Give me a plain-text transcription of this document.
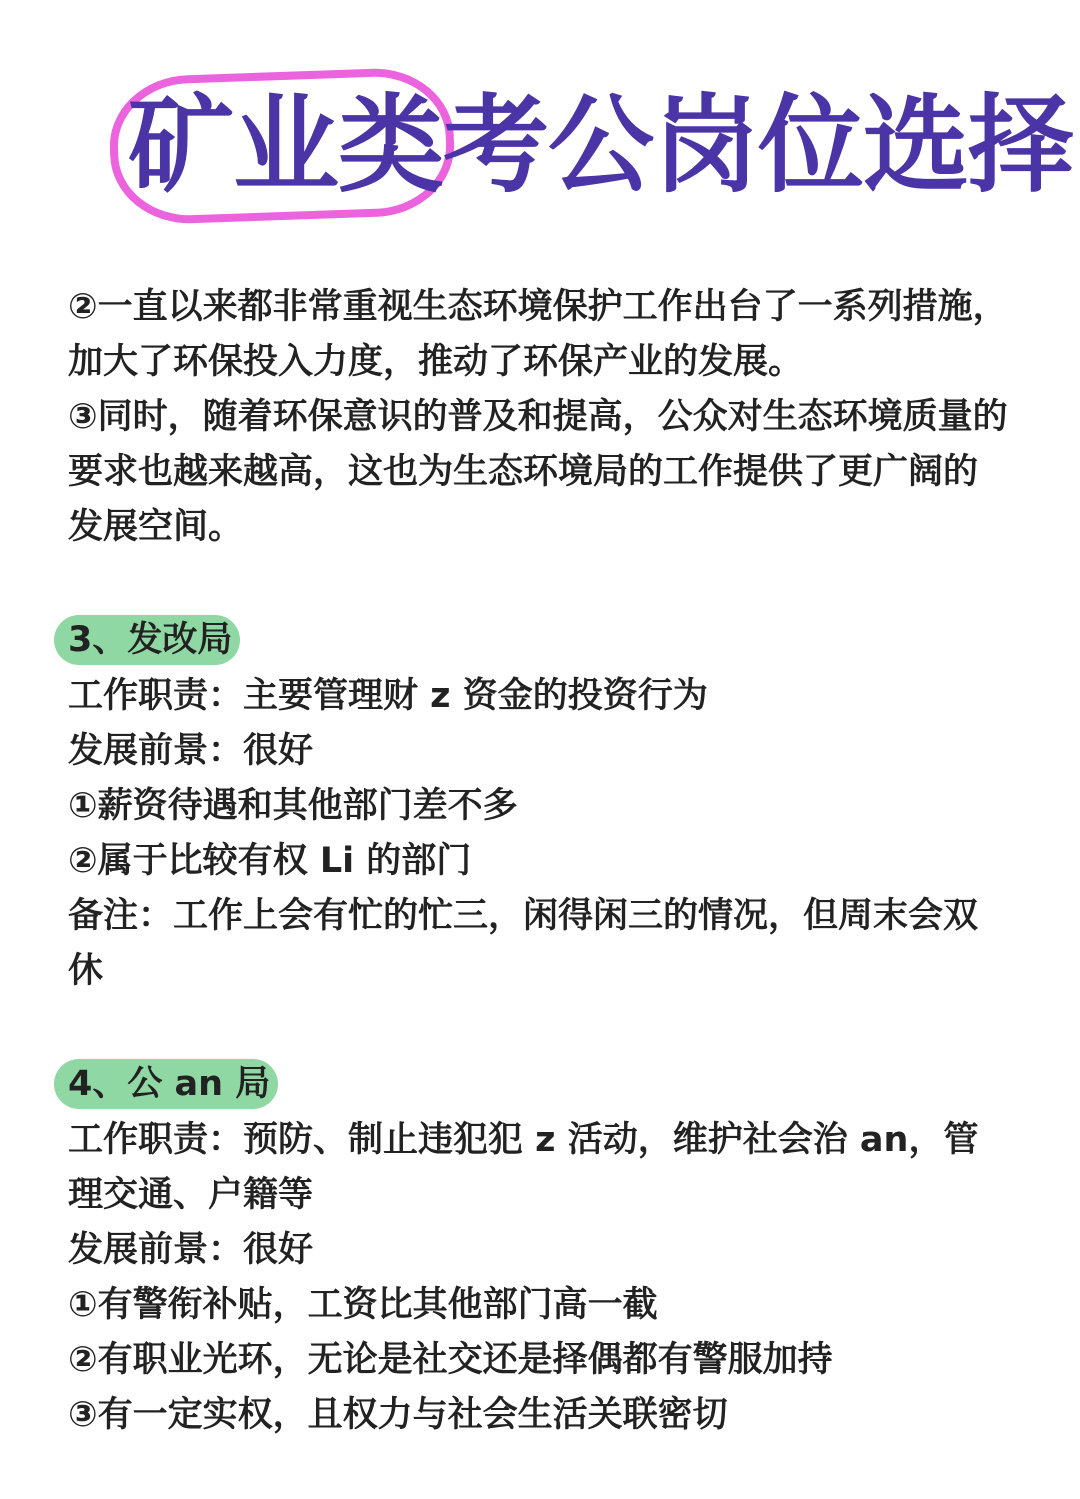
矿业类考公岗位选择

②一直以来都非常重视生态环境保护工作出台了一系列措施，加大了环保投入力度，推动了环保产业的发展。

③同时，随着环保意识的普及和提高，公众对生态环境质量的要求也越来越高，这也为生态环境局的工作提供了更广阔的发展空间。

3、发改局

工作职责：主要管理财 z 资金的投资行为

发展前景：很好

①薪资待遇和其他部门差不多

②属于比较有权 Li 的部门

备注：工作上会有忙的忙三，闲得闲三的情况，但周末会双休

4、公 an 局

工作职责：预防、制止违犯犯 z 活动，维护社会治 an，管理交通、户籍等

发展前景：很好

①有警衔补贴，工资比其他部门高一截

②有职业光环，无论是社交还是择偶都有警服加持

③有一定实权，且权力与社会生活关联密切
